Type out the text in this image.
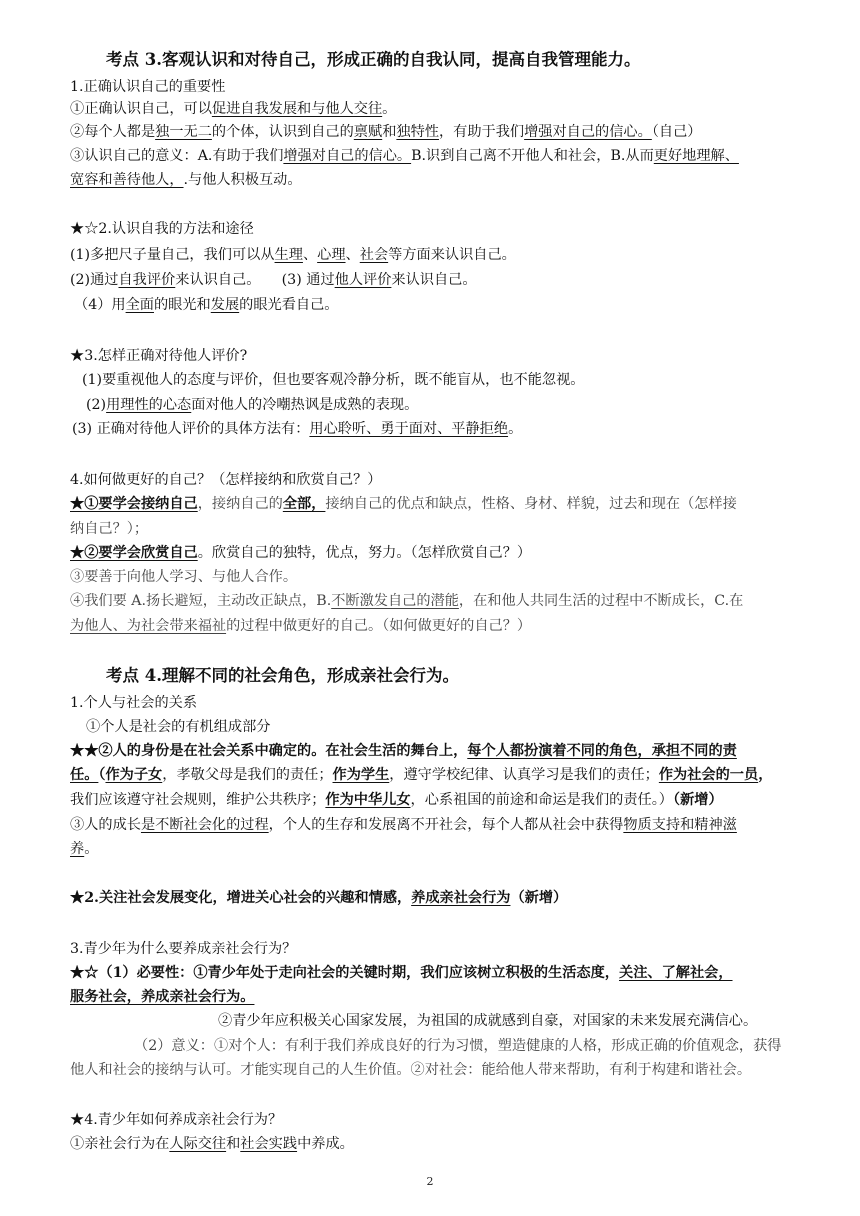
考点 3.客观认识和对待自己，形成正确的自我认同，提高自我管理能力。
1.正确认识自己的重要性
①正确认识自己，可以促进自我发展和与他人交往。
②每个人都是独一无二的个体，认识到自己的禀赋和独特性，有助于我们增强对自己的信心。（自己）
③认识自己的意义：A.有助于我们增强对自己的信心。B.识到自己离不开他人和社会，B.从而更好地理解、
宽容和善待他人，.与他人积极互动。
★☆2.认识自我的方法和途径
(1)多把尺子量自己，我们可以从生理、心理、社会等方面来认识自己。
(2)通过自我评价来认识自己。　　(3) 通过他人评价来认识自己。
（4）用全面的眼光和发展的眼光看自己。
★3.怎样正确对待他人评价?
(1)要重视他人的态度与评价，但也要客观冷静分析，既不能盲从，也不能忽视。
(2)用理性的心态面对他人的冷嘲热讽是成熟的表现。
(3) 正确对待他人评价的具体方法有：用心聆听、勇于面对、平静拒绝。
4.如何做更好的自己？（怎样接纳和欣赏自己？）
★①要学会接纳自己，接纳自己的全部，接纳自己的优点和缺点，性格、身材、样貌，过去和现在（怎样接
纳自己？）；
★②要学会欣赏自己。欣赏自己的独特，优点，努力。（怎样欣赏自己？）
③要善于向他人学习、与他人合作。
④我们要 A.扬长避短，主动改正缺点，B.不断激发自己的潜能，在和他人共同生活的过程中不断成长，C.在
为他人、为社会带来福祉的过程中做更好的自己。（如何做更好的自己？）
考点 4.理解不同的社会角色，形成亲社会行为。
1.个人与社会的关系
①个人是社会的有机组成部分
★★②人的身份是在社会关系中确定的。在社会生活的舞台上，每个人都扮演着不同的角色，承担不同的责
任。（作为子女，孝敬父母是我们的责任；作为学生，遵守学校纪律、认真学习是我们的责任；作为社会的一员，
我们应该遵守社会规则，维护公共秩序；作为中华儿女，心系祖国的前途和命运是我们的责任。）（新增）
③人的成长是不断社会化的过程，个人的生存和发展离不开社会，每个人都从社会中获得物质支持和精神滋
养。
★2.关注社会发展变化，增进关心社会的兴趣和情感，养成亲社会行为（新增）
3.青少年为什么要养成亲社会行为？
★☆（1）必要性：①青少年处于走向社会的关键时期，我们应该树立积极的生活态度，关注、了解社会，
服务社会，养成亲社会行为。
②青少年应积极关心国家发展，为祖国的成就感到自豪，对国家的未来发展充满信心。
（2）意义：①对个人：有利于我们养成良好的行为习惯，塑造健康的人格，形成正确的价值观念，获得
他人和社会的接纳与认可。才能实现自己的人生价值。②对社会：能给他人带来帮助，有利于构建和谐社会。
★4.青少年如何养成亲社会行为？
①亲社会行为在人际交往和社会实践中养成。
2
